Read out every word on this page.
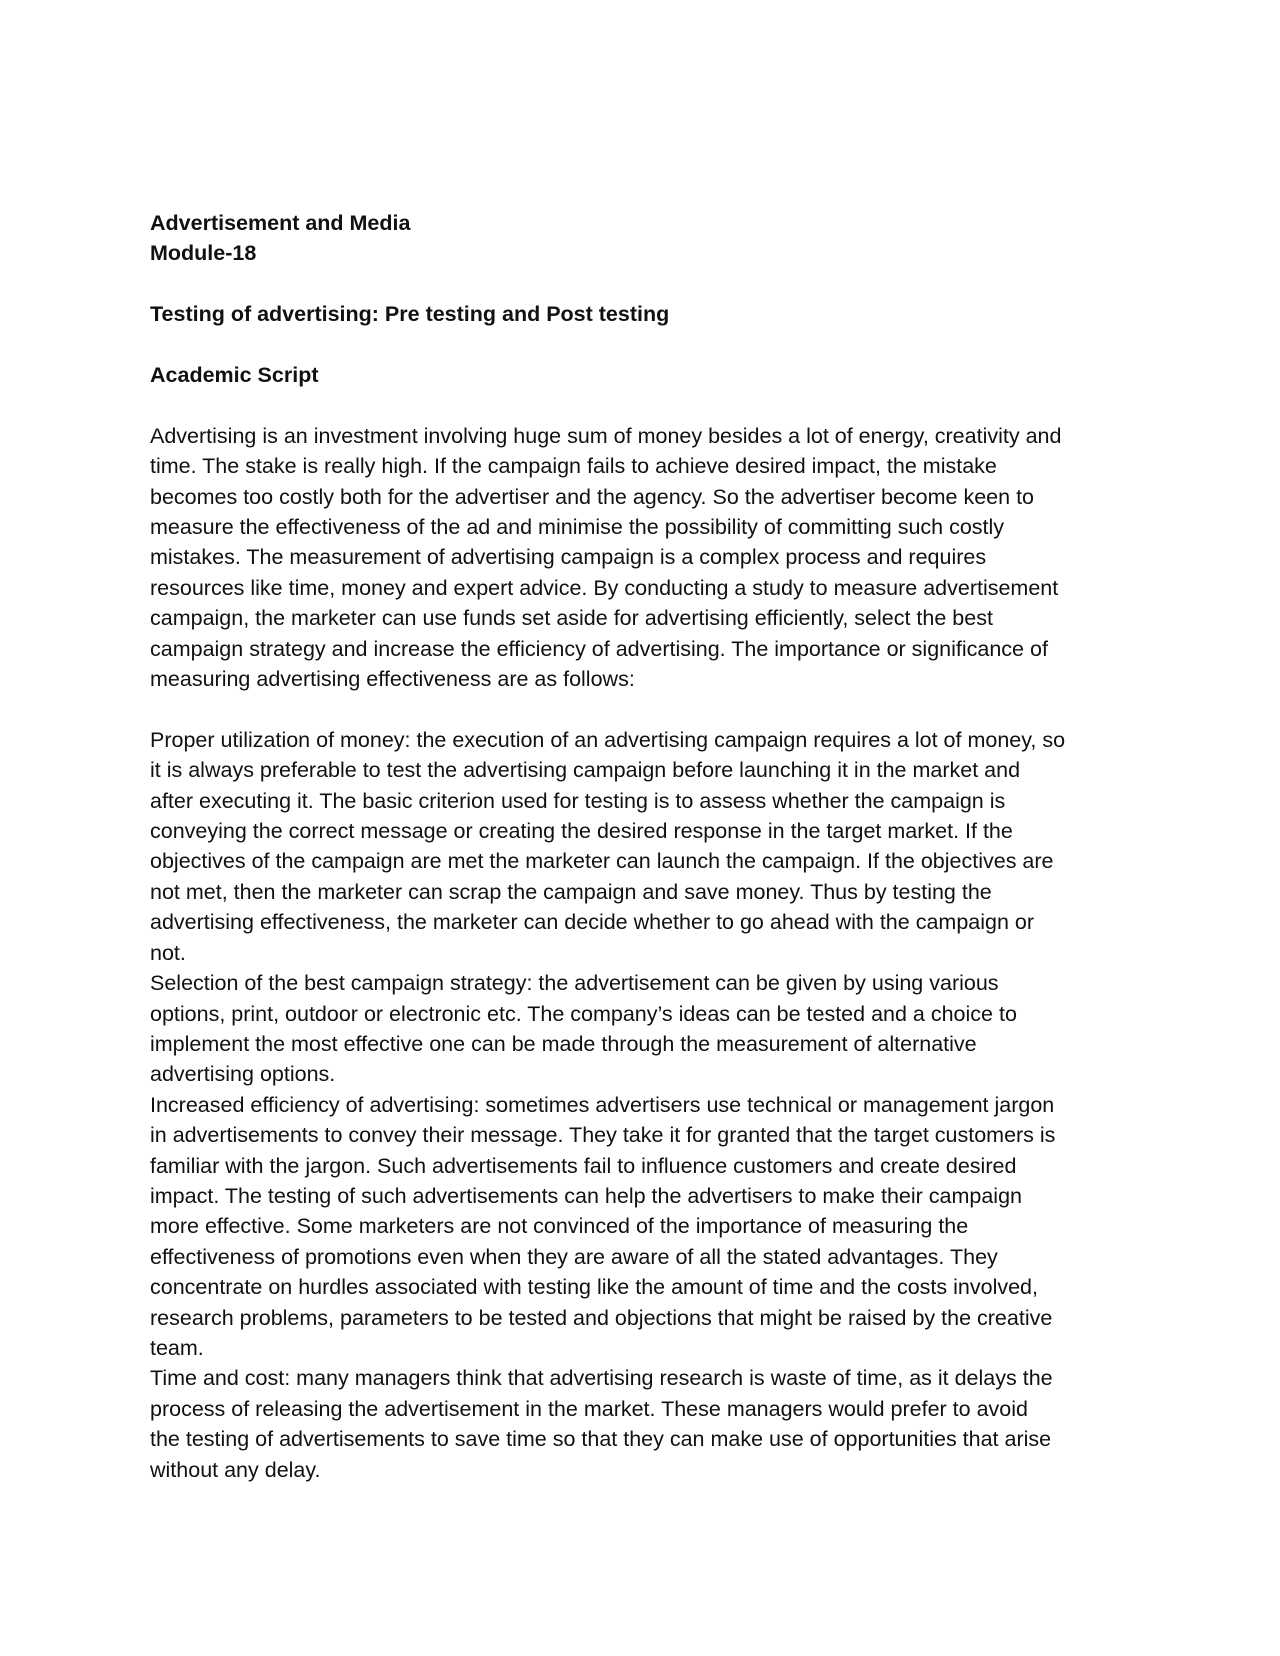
Advertisement and Media
Module-18
Testing of advertising: Pre testing and Post testing
Academic Script
Advertising is an investment involving huge sum of money besides a lot of energy, creativity and
time. The stake is really high. If the campaign fails to achieve desired impact, the mistake
becomes too costly both for the advertiser and the agency. So the advertiser become keen to
measure the effectiveness of the ad and minimise the possibility of committing such costly
mistakes. The measurement of advertising campaign is a complex process and requires
resources like time, money and expert advice. By conducting a study to measure advertisement
campaign, the marketer can use funds set aside for advertising efficiently, select the best
campaign strategy and increase the efficiency of advertising. The importance or significance of
measuring advertising effectiveness are as follows:
Proper utilization of money: the execution of an advertising campaign requires a lot of money, so
it is always preferable to test the advertising campaign before launching it in the market and
after executing it. The basic criterion used for testing is to assess whether the campaign is
conveying the correct message or creating the desired response in the target market. If the
objectives of the campaign are met the marketer can launch the campaign. If the objectives are
not met, then the marketer can scrap the campaign and save money. Thus by testing the
advertising effectiveness, the marketer can decide whether to go ahead with the campaign or
not.
Selection of the best campaign strategy: the advertisement can be given by using various
options, print, outdoor or electronic etc. The company’s ideas can be tested and a choice to
implement the most effective one can be made through the measurement of alternative
advertising options.
Increased efficiency of advertising: sometimes advertisers use technical or management jargon
in advertisements to convey their message. They take it for granted that the target customers is
familiar with the jargon. Such advertisements fail to influence customers and create desired
impact. The testing of such advertisements can help the advertisers to make their campaign
more effective. Some marketers are not convinced of the importance of measuring the
effectiveness of promotions even when they are aware of all the stated advantages. They
concentrate on hurdles associated with testing like the amount of time and the costs involved,
research problems, parameters to be tested and objections that might be raised by the creative
team.
Time and cost: many managers think that advertising research is waste of time, as it delays the
process of releasing the advertisement in the market. These managers would prefer to avoid
the testing of advertisements to save time so that they can make use of opportunities that arise
without any delay.
